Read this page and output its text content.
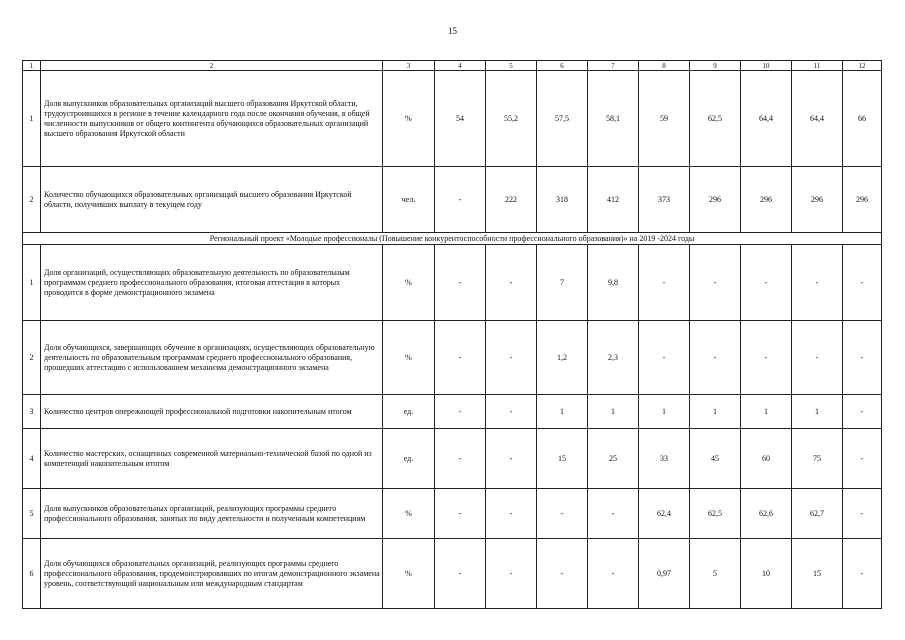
15
1	2	3	4	5	6	7	8	9	10	11	12
1	Доля выпускников образовательных организаций высшего образования Иркутской области, трудоустроившихся в регионе в течение календарного года после окончания обучения, в общей численности выпускников от общего контингента обучающихся образовательных организаций высшего образования Иркутской области	%	54	55,2	57,5	58,1	59	62,5	64,4	64,4	66
2	Количество обучающихся образовательных организаций высшего образования Иркутской области, получивших выплату в текущем году	чел.	-	222	318	412	373	296	296	296	296
Региональный проект «Молодые профессионалы (Повышение конкурентоспособности профессионального образования)» на 2019 -2024 годы											
1	Доля организаций, осуществляющих образовательную деятельность по образовательным программам среднего профессионального образования, итоговая аттестация в которых проводится в форме демонстрационного экзамена	%	-	-	7	9,8	-	-	-	-	-
2	Доля обучающихся, завершающих обучение в организациях, осуществляющих образовательную деятельность по образовательным программам среднего профессионального образования, прошедших аттестацию с использованием механизма демонстрационного экзамена	%	-	-	1,2	2,3	-	-	-	-	-
3	Количество центров опережающей профессиональной подготовки накопительным итогом	ед.	-	-	1	1	1	1	1	1	-
4	Количество мастерских, оснащенных современной материально-технической базой по одной из компетенций накопительным итогом	ед.	-	-	15	25	33	45	60	75	-
5	Доля выпускников образовательных организаций, реализующих программы среднего профессионального образования, занятых по виду деятельности и полученным компетенциям	%	-	-	-	-	62,4	62,5	62,6	62,7	-
6	Доля обучающихся образовательных организаций, реализующих программы среднего профессионального образования, продемонстрировавших по итогам демонстрационного экзамена уровень, соответствующий национальным или международным стандартам	%	-	-	-	-	0,97	5	10	15	-
